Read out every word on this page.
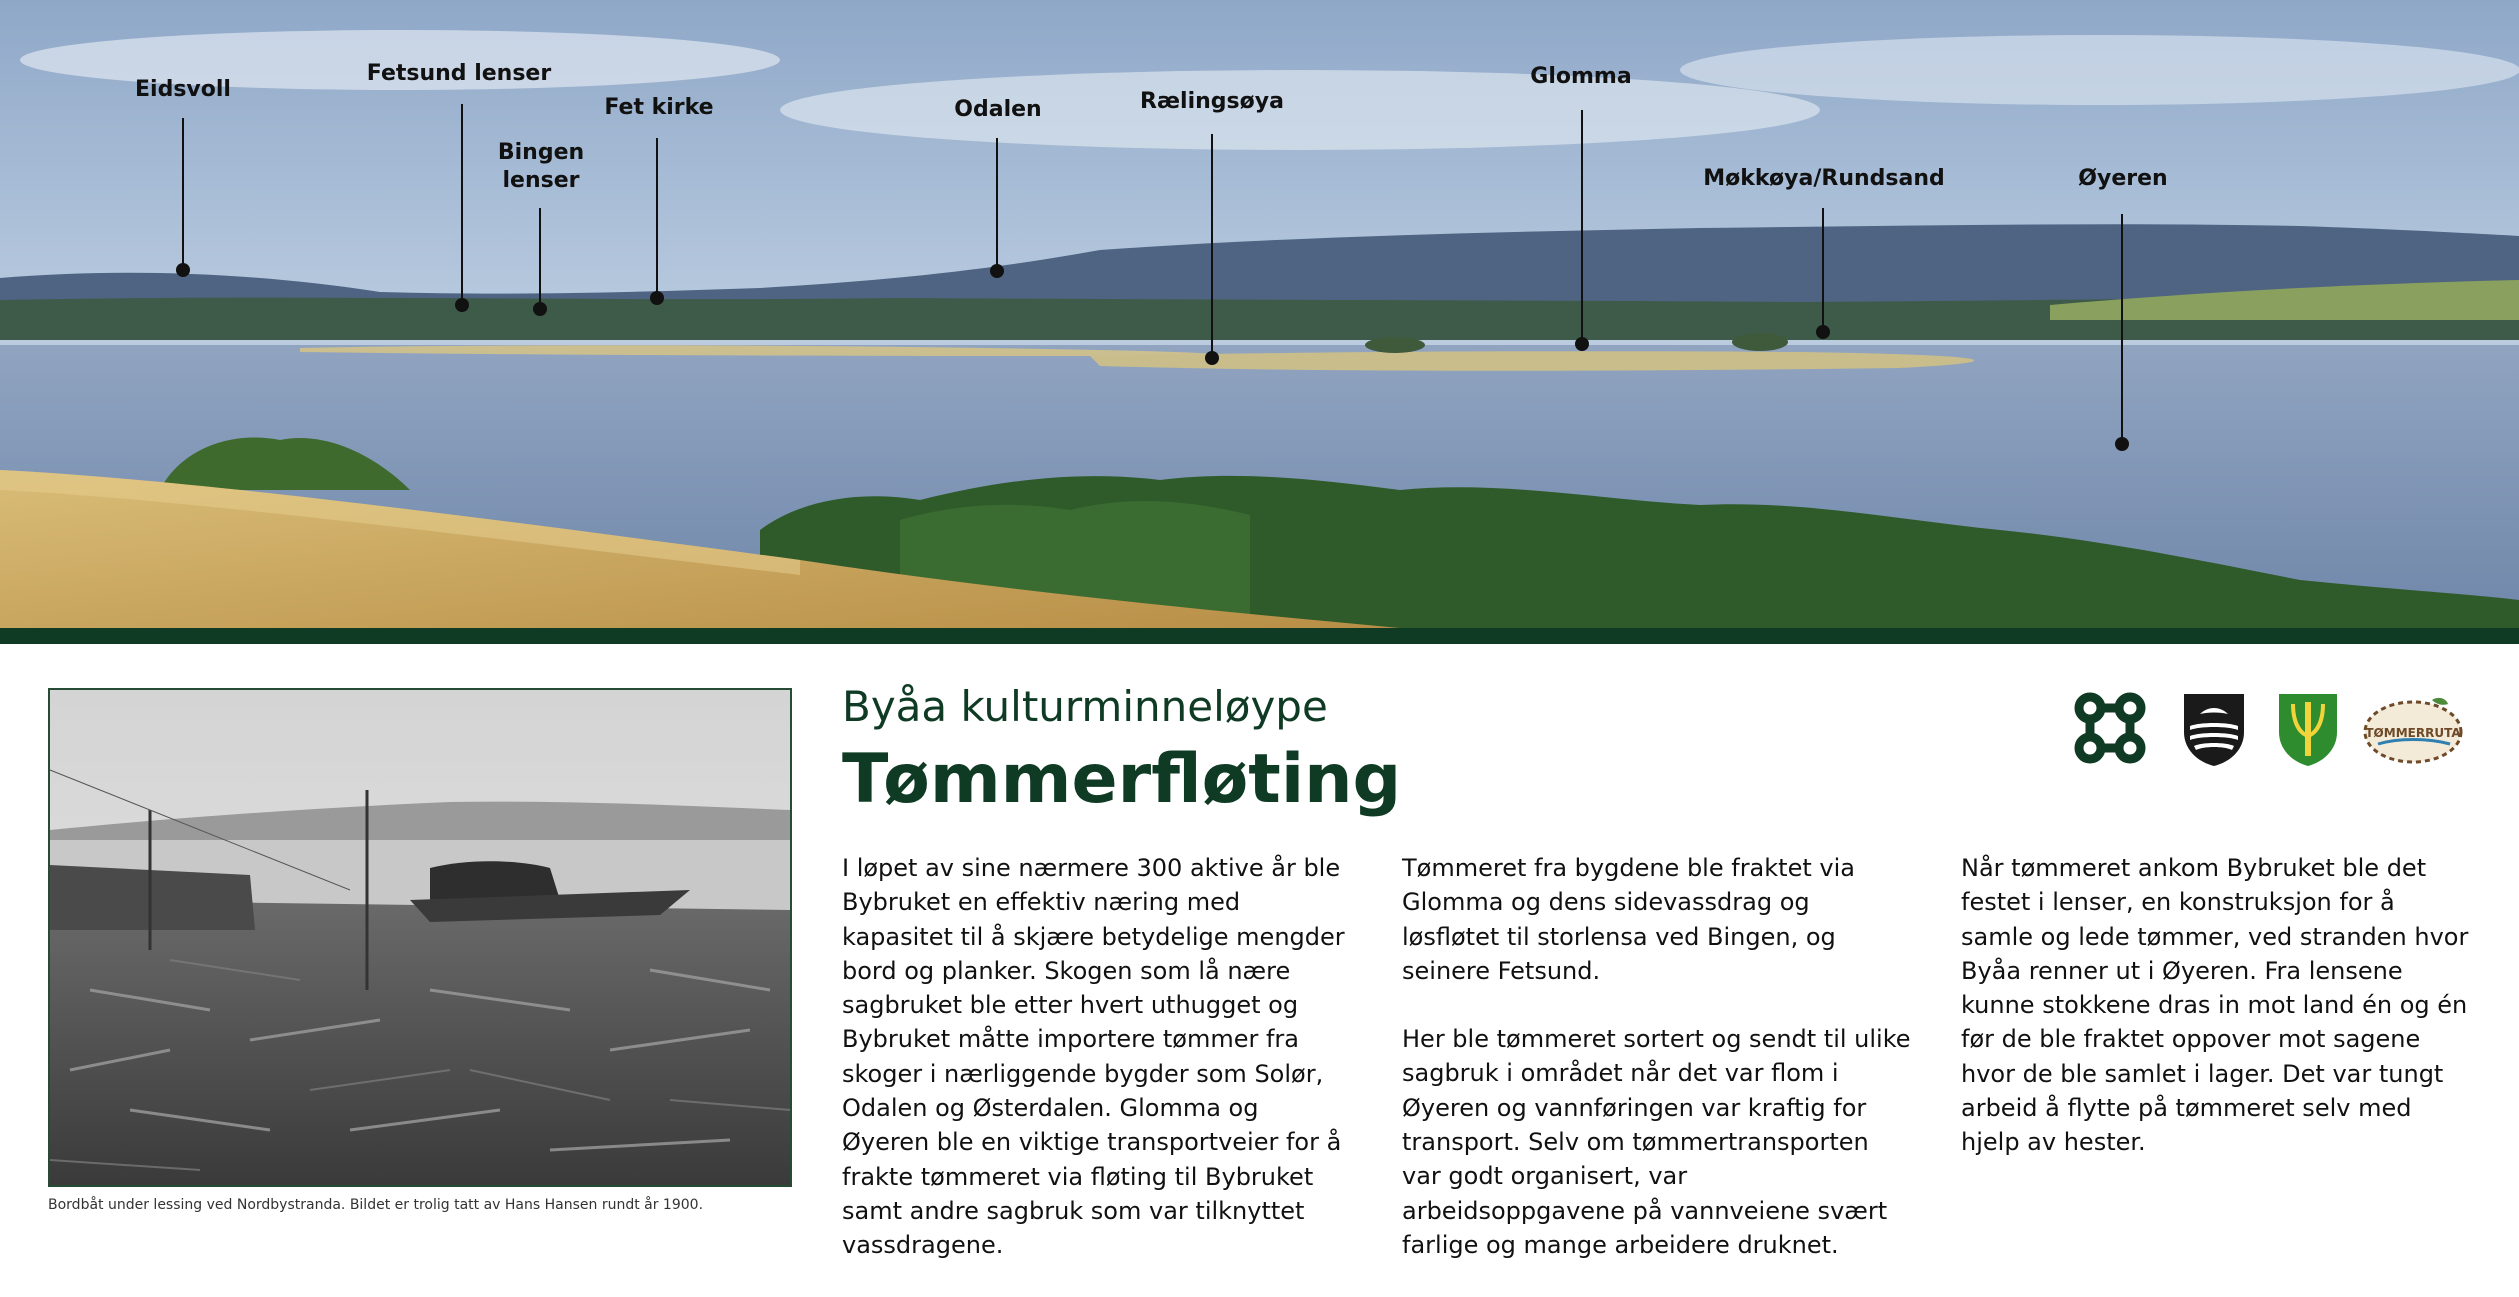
Eidsvoll
Fetsund lenser
Bingen
lenser
Fet kirke	Odalen	Rælingsøya
Glomma
Møkkøya/Rundsand	Øyeren
Bordbåt under lessing ved Nordbystranda. Bildet er trolig tatt av Hans Hansen rundt år 1900.
Byåa kulturminneløype
Tømmerfløting

I løpet av sine nærmere 300 aktive år ble Bybruket en effektiv næring med kapasitet til å skjære betydelige mengder bord og planker. Skogen som lå nære sagbruket ble etter hvert uthugget og Bybruket måtte importere tømmer fra skoger i nærliggende bygder som Solør, Odalen og Østerdalen. Glomma og Øyeren ble en viktige transportveier for å frakte tømmeret via fløting til Bybruket samt andre sagbruk som var tilknyttet vassdragene.

Tømmeret fra bygdene ble fraktet via Glomma og dens sidevassdrag og løsfløtet til storlensa ved Bingen, og seinere Fetsund.

Her ble tømmeret sortert og sendt til ulike sagbruk i området når det var flom i Øyeren og vannføringen var kraftig for transport. Selv om tømmertransporten var godt organisert, var arbeidsoppgavene på vannveiene svært farlige og mange arbeidere druknet.

Når tømmeret ankom Bybruket ble det festet i lenser, en konstruksjon for å samle og lede tømmer, ved stranden hvor Byåa renner ut i Øyeren. Fra lensene kunne stokkene dras in mot land én og én før de ble fraktet oppover mot sagene hvor de ble samlet i lager. Det var tungt arbeid å flytte på tømmeret selv med hjelp av hester.

TØMMERRUTA
